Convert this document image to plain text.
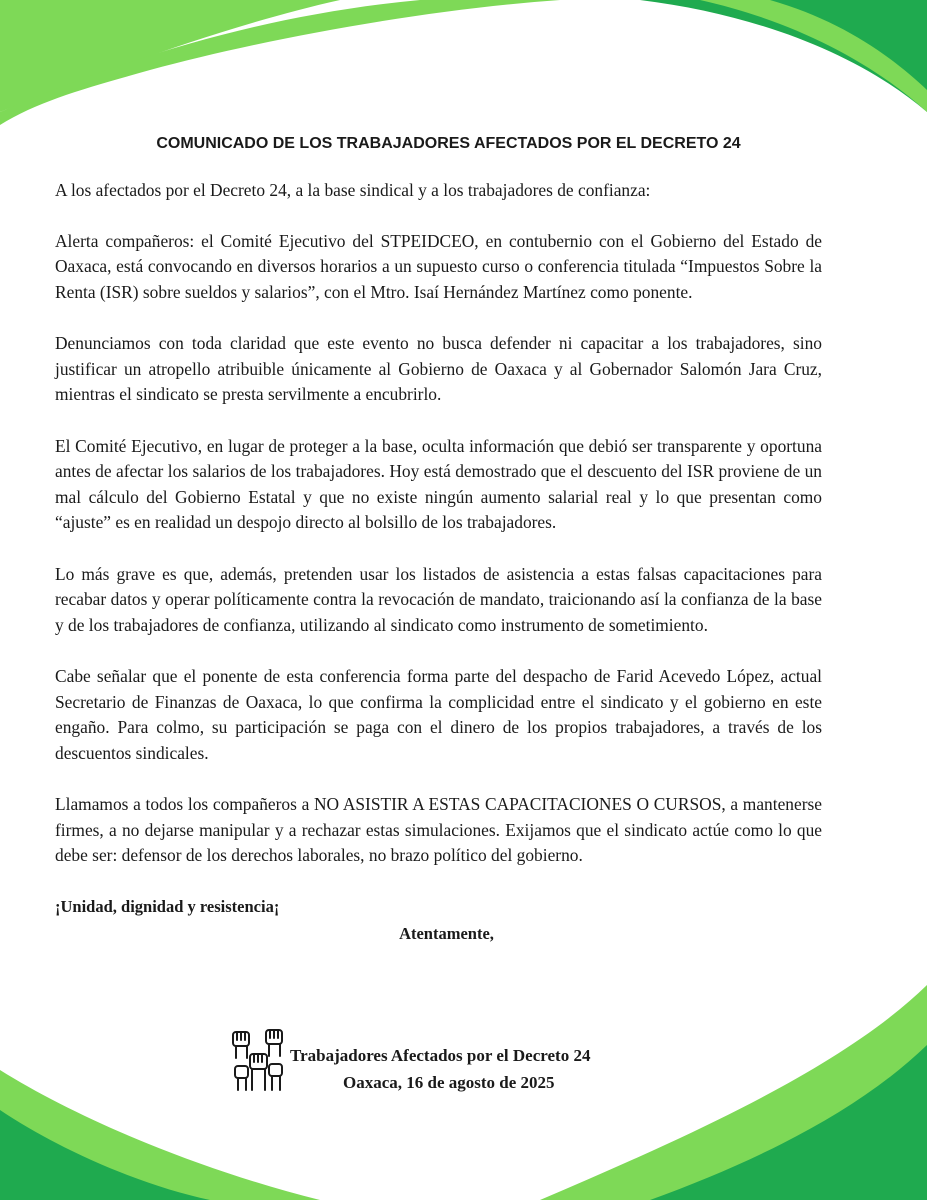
COMUNICADO DE LOS TRABAJADORES AFECTADOS POR EL DECRETO 24

A los afectados por el Decreto 24, a la base sindical y a los trabajadores de confianza:

Alerta compañeros: el Comité Ejecutivo del STPEIDCEO, en contubernio con el Gobierno del Estado de Oaxaca, está convocando en diversos horarios a un supuesto curso o conferencia titulada “Impuestos Sobre la Renta (ISR) sobre sueldos y salarios”, con el Mtro. Isaí Hernández Martínez como ponente.

Denunciamos con toda claridad que este evento no busca defender ni capacitar a los trabajadores, sino justificar un atropello atribuible únicamente al Gobierno de Oaxaca y al Gobernador Salomón Jara Cruz, mientras el sindicato se presta servilmente a encubrirlo.

El Comité Ejecutivo, en lugar de proteger a la base, oculta información que debió ser transparente y oportuna antes de afectar los salarios de los trabajadores. Hoy está demostrado que el descuento del ISR proviene de un mal cálculo del Gobierno Estatal y que no existe ningún aumento salarial real y lo que presentan como “ajuste” es en realidad un despojo directo al bolsillo de los trabajadores.

Lo más grave es que, además, pretenden usar los listados de asistencia a estas falsas capacitaciones para recabar datos y operar políticamente contra la revocación de mandato, traicionando así la confianza de la base y de los trabajadores de confianza, utilizando al sindicato como instrumento de sometimiento.

Cabe señalar que el ponente de esta conferencia forma parte del despacho de Farid Acevedo López, actual Secretario de Finanzas de Oaxaca, lo que confirma la complicidad entre el sindicato y el gobierno en este engaño. Para colmo, su participación se paga con el dinero de los propios trabajadores, a través de los descuentos sindicales.

Llamamos a todos los compañeros a NO ASISTIR A ESTAS CAPACITACIONES O CURSOS, a mantenerse firmes, a no dejarse manipular y a rechazar estas simulaciones. Exijamos que el sindicato actúe como lo que debe ser: defensor de los derechos laborales, no brazo político del gobierno.

¡Unidad, dignidad y resistencia¡

Atentamente,

Trabajadores Afectados por el Decreto 24
Oaxaca, 16 de agosto de 2025
